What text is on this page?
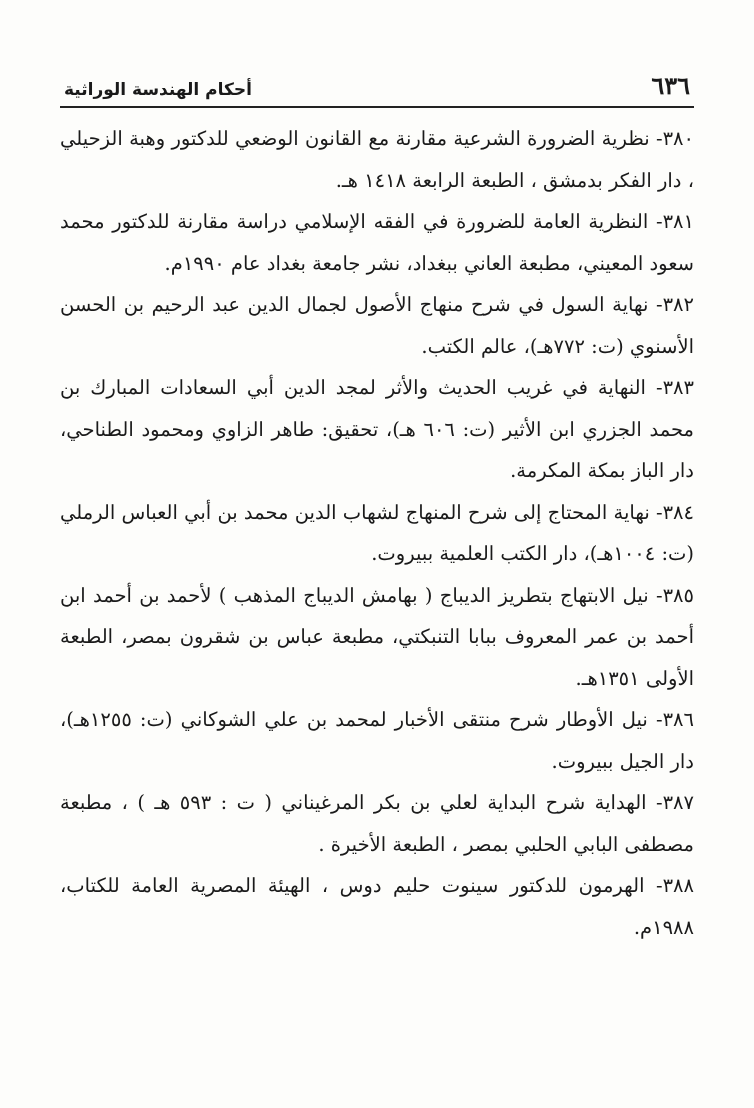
٦٣٦
أحكام الهندسة الوراثية

٣٨٠- نظرية الضرورة الشرعية مقارنة مع القانون الوضعي للدكتور وهبة الزحيلي ، دار الفكر بدمشق ، الطبعة الرابعة ١٤١٨ هـ.

٣٨١- النظرية العامة للضرورة في الفقه الإسلامي دراسة مقارنة للدكتور محمد سعود المعيني، مطبعة العاني ببغداد، نشر جامعة بغداد عام ١٩٩٠م.

٣٨٢- نهاية السول في شرح منهاج الأصول لجمال الدين عبد الرحيم بن الحسن الأسنوي (ت: ٧٧٢هـ)، عالم الكتب.

٣٨٣- النهاية في غريب الحديث والأثر لمجد الدين أبي السعادات المبارك بن محمد الجزري ابن الأثير (ت: ٦٠٦ هـ)، تحقيق: طاهر الزاوي ومحمود الطناحي، دار الباز بمكة المكرمة.

٣٨٤- نهاية المحتاج إلى شرح المنهاج لشهاب الدين محمد بن أبي العباس الرملي (ت: ١٠٠٤هـ)، دار الكتب العلمية ببيروت.

٣٨٥- نيل الابتهاج بتطريز الديباج ( بهامش الديباج المذهب ) لأحمد بن أحمد ابن أحمد بن عمر المعروف ببابا التنبكتي، مطبعة عباس بن شقرون بمصر، الطبعة الأولى ١٣٥١هـ.

٣٨٦- نيل الأوطار شرح منتقى الأخبار لمحمد بن علي الشوكاني (ت: ١٢٥٥هـ)، دار الجيل ببيروت.

٣٨٧- الهداية شرح البداية لعلي بن بكر المرغيناني ( ت : ٥٩٣ هـ ) ، مطبعة مصطفى البابي الحلبي بمصر ، الطبعة الأخيرة .

٣٨٨- الهرمون للدكتور سينوت حليم دوس ، الهيئة المصرية العامة للكتاب، ١٩٨٨م.
